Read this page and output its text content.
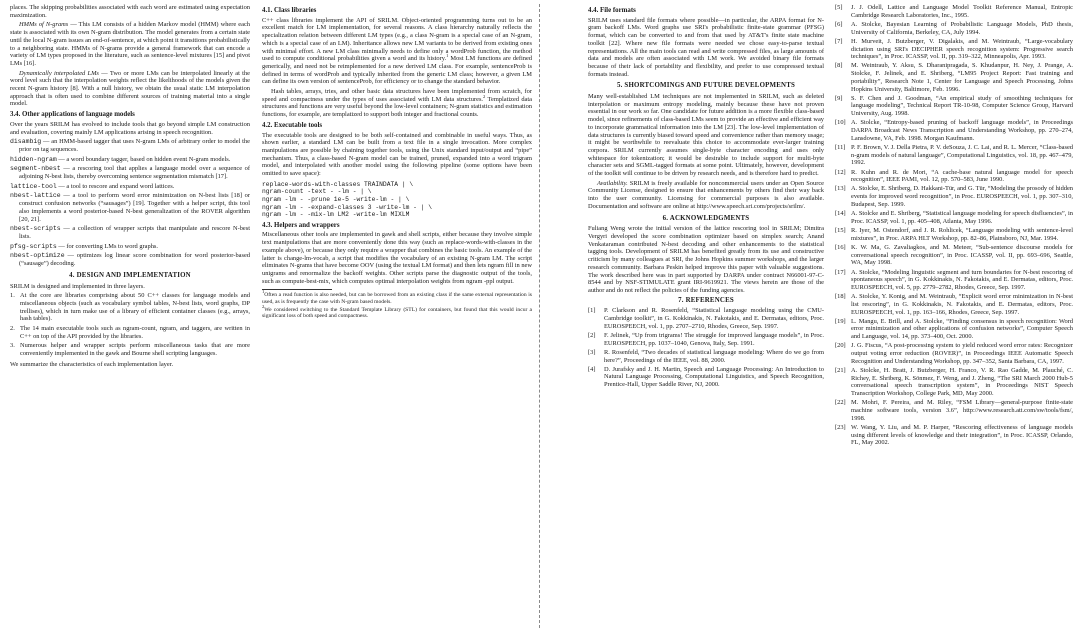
places. The skipping probabilities associated with each word are estimated using expectation maximization.

HMMs of N-grams — This LM consists of a hidden Markov model (HMM) where each state is associated with its own N-gram distribution. The model generates from a certain state until the local N-gram issues an end-of-sentence, at which point it transitions probabilistically to a neighboring state. HMMs of N-grams provide a general framework that can encode a variety of LM types proposed in the literature, such as sentence-level mixtures [15] and pivot LMs [16].

Dynamically interpolated LMs — Two or more LMs can be interpolated linearly at the word level such that the interpolation weights reflect the likelihoods of the models given the recent N-gram history [8]. With a null history, we obtain the usual static LM interpolation approach that is often used to combine different sources of training material into a single model.

3.4. Other applications of language models

Over the years SRILM has evolved to include tools that go beyond simple LM construction and evaluation, covering mainly LM applications arising in speech recognition.

disambig — an HMM-based tagger that uses N-gram LMs of arbitrary order to model the prior on tag sequences.
hidden-ngram — a word boundary tagger, based on hidden event N-gram models.
segment-nbest — a rescoring tool that applies a language model over a sequence of adjoining N-best lists, thereby overcoming sentence segmentation mismatch [17].
lattice-tool — a tool to rescore and expand word lattices.
nbest-lattice — a tool to perform word error minimization on N-best lists [18] or construct confusion networks (“sausages”) [19]. Together with a helper script, this tool also implements a word posterior-based N-best generalization of the ROVER algorithm [20, 21].
nbest-scripts — a collection of wrapper scripts that manipulate and rescore N-best lists.
pfsg-scripts — for converting LMs to word graphs.
nbest-optimize — optimizes log linear score combination for word posterior-based (“sausage”) decoding.
4. DESIGN AND IMPLEMENTATION

SRILM is designed and implemented in three layers.

1. At the core are libraries comprising about 50 C++ classes for language models and miscellaneous objects (such as vocabulary symbol tables, N-best lists, word graphs, DP trellises), which in turn make use of a library of efficient container classes (e.g., arrays, hash tables).
2. The 14 main executable tools such as ngram-count, ngram, and taggers, are written in C++ on top of the API provided by the libraries.
3. Numerous helper and wrapper scripts perform miscellaneous tasks that are more conveniently implemented in the gawk and Bourne shell scripting languages.

We summarize the characteristics of each implementation layer.

4.1. Class libraries

C++ class libraries implement the API of SRILM. Object-oriented programming turns out to be an excellent match for LM implementation, for several reasons. A class hierarchy naturally reflects the specialization relation between different LM types (e.g., a class N-gram is a special case of an N-gram, which is a special case of an LM). Inheritance allows new LM variants to be derived from existing ones with minimal effort. A new LM class minimally needs to define only a wordProb function, the method used to compute conditional probabilities given a word and its history.$^1$ Most LM functions are defined generically, and need not be reimplemented for a new derived LM class. For example, sentenceProb is defined in terms of wordProb and typically inherited from the generic LM class; however, a given LM can define its own version of sentenceProb, for efficiency or to change the standard behavior.

Hash tables, arrays, tries, and other basic data structures have been implemented from scratch, for speed and compactness under the types of uses associated with LM data structures.$^2$ Templatized data structures and functions are very useful beyond the low-level containers; N-gram statistics and estimation functions, for example, are templatized to support both integer and fractional counts.

4.2. Executable tools

The executable tools are designed to be both self-contained and combinable in useful ways. Thus, as shown earlier, a standard LM can be built from a text file in a single invocation. More complex manipulations are possible by chaining together tools, using the Unix standard input/output and “pipe” mechanism. Thus, a class-based N-gram model can be trained, pruned, expanded into a word trigram model, and interpolated with another model using the following pipeline (some options have been omitted to save space):

replace-words-with-classes TRAINDATA | \
ngram-count -text - -lm - | \
ngram -lm - -prune 1e-5 -write-lm - | \
ngram -lm - -expand-classes 3 -write-lm - | \
ngram -lm - -mix-lm LM2 -write-lm MIXLM
4.3. Helpers and wrappers

Miscellaneous other tools are implemented in gawk and shell scripts, either because they involve simple text manipulations that are more conveniently done this way (such as replace-words-with-classes in the example above), or because they only require a wrapper that combines the basic tools. An example of the latter is change-lm-vocab, a script that modifies the vocabulary of an existing N-gram LM. The script eliminates N-grams that have become OOV (using the textual LM format) and then lets ngram fill in new unigrams and renormalize the backoff weights. Other scripts parse the diagnostic output of the tools, such as compute-best-mix, which computes optimal interpolation weights from ngram -ppl output.

$^1$Often a read function is also needed, but can be borrowed from an existing class if the same external representation is used, as is frequently the case with N-gram based models.

$^2$We considered switching to the Standard Template Library (STL) for containers, but found that this would incur a significant loss of both speed and compactness.

4.4. File formats

SRILM uses standard file formats where possible—in particular, the ARPA format for N-gram backoff LMs. Word graphs use SRI's probabilistic finite-state grammar (PFSG) format, which can be converted to and from that used by AT&T's finite state machine toolkit [22]. Where new file formats were needed we chose easy-to-parse textual representations. All the main tools can read and write compressed files, as large amounts of data and models are often associated with LM work. We avoided binary file formats because of their lack of portability and flexibility, and prefer to use compressed textual formats instead.

5. SHORTCOMINGS AND FUTURE DEVELOPMENTS

Many well-established LM techniques are not implemented in SRILM, such as deleted interpolation or maximum entropy modeling, mainly because these have not proven essential in our work so far. One candidate for future addition is a more flexible class-based model, since refinements of class-based LMs seem to provide an effective and efficient way to incorporate grammatical information into the LM [23]. The low-level implementation of data structures is currently biased toward speed and convenience rather than memory usage; it might be worthwhile to reevaluate this choice to accommodate ever-larger training corpora. SRILM currently assumes single-byte character encoding and uses only whitespace for tokenization; it would be desirable to include support for multi-byte character sets and SGML-tagged formats at some point. Ultimately, however, development of the toolkit will continue to be driven by research needs, and is therefore hard to predict.

Availability. SRILM is freely available for noncommercial users under an Open Source Community License, designed to ensure that enhancements by others find their way back into the user community. Licensing for commercial purposes is also available. Documentation and software are online at http://www.speech.sri.com/projects/srilm/.

6. ACKNOWLEDGMENTS

Fuliang Weng wrote the initial version of the lattice rescoring tool in SRILM; Dimitra Vergyri developed the score combination optimizer based on simplex search; Anand Venkataraman contributed N-best decoding and other enhancements to the statistical tagging tools. Development of SRILM has benefited greatly from its use and constructive criticism by many colleagues at SRI, the Johns Hopkins summer workshops, and the larger research community. Barbara Peskin helped improve this paper with valuable suggestions. The work described here was in part supported by DARPA under contract N66001-97-C-8544 and by NSF-STIMULATE grant IRI-9619921. The views herein are those of the author and do not reflect the policies of the funding agencies.

7. REFERENCES
[1] P. Clarkson and R. Rosenfeld, “Statistical language modeling using the CMU-Cambridge toolkit”, in G. Kokkinakis, N. Fakotakis, and E. Dermatas, editors, Proc. EUROSPEECH, vol. 1, pp. 2707–2710, Rhodes, Greece, Sep. 1997.
[2] F. Jelinek, “Up from trigrams! The struggle for improved language models”, in Proc. EUROSPEECH, pp. 1037–1040, Genova, Italy, Sep. 1991.
[3] R. Rosenfeld, “Two decades of statistical language modeling: Where do we go from here?”, Proceedings of the IEEE, vol. 88, 2000.
[4] D. Jurafsky and J. H. Martin, Speech and Language Processing: An Introduction to Natural Language Processing, Computational Linguistics, and Speech Recognition, Prentice-Hall, Upper Saddle River, NJ, 2000.
[5] J. J. Odell, Lattice and Language Model Toolkit Reference Manual, Entropic Cambridge Research Laboratories, Inc., 1995.
[6] A. Stolcke, Bayesian Learning of Probabilistic Language Models, PhD thesis, University of California, Berkeley, CA, July 1994.
[7] H. Murveit, J. Butzberger, V. Digalakis, and M. Weintraub, “Large-vocabulary dictation using SRI's DECIPHER speech recognition system: Progressive search techniques”, in Proc. ICASSP, vol. II, pp. 319–322, Minneapolis, Apr. 1993.
[8] M. Weintraub, Y. Aksu, S. Dharanipragada, S. Khudanpur, H. Ney, J. Prange, A. Stolcke, F. Jelinek, and E. Shriberg, “LM95 Project Report: Fast training and portability”, Research Note 1, Center for Language and Speech Processing, Johns Hopkins University, Baltimore, Feb. 1996.
[9] S. F. Chen and J. Goodman, “An empirical study of smoothing techniques for language modeling”, Technical Report TR-10-98, Computer Science Group, Harvard University, Aug. 1998.
[10] A. Stolcke, “Entropy-based pruning of backoff language models”, in Proceedings DARPA Broadcast News Transcription and Understanding Workshop, pp. 270–274, Lansdowne, VA, Feb. 1998. Morgan Kaufmann.
[11] P. F. Brown, V. J. Della Pietra, P. V. deSouza, J. C. Lai, and R. L. Mercer, “Class-based n-gram models of natural language”, Computational Linguistics, vol. 18, pp. 467–479, 1992.
[12] R. Kuhn and R. de Mori, “A cache-base natural language model for speech recognition”, IEEE PAMI, vol. 12, pp. 570–583, June 1990.
[13] A. Stolcke, E. Shriberg, D. Hakkani-Tür, and G. Tür, “Modeling the prosody of hidden events for improved word recognition”, in Proc. EUROSPEECH, vol. 1, pp. 307–310, Budapest, Sep. 1999.
[14] A. Stolcke and E. Shriberg, “Statistical language modeling for speech disfluencies”, in Proc. ICASSP, vol. 1, pp. 405–408, Atlanta, May 1996.
[15] R. Iyer, M. Ostendorf, and J. R. Rohlicek, “Language modeling with sentence-level mixtures”, in Proc. ARPA HLT Workshop, pp. 82–86, Plainsboro, NJ, Mar. 1994.
[16] K. W. Ma, G. Zavaliagkos, and M. Meteer, “Sub-sentence discourse models for conversational speech recognition”, in Proc. ICASSP, vol. II, pp. 693–696, Seattle, WA, May 1998.
[17] A. Stolcke, “Modeling linguistic segment and turn boundaries for N-best rescoring of spontaneous speech”, in G. Kokkinakis, N. Fakotakis, and E. Dermatas, editors, Proc. EUROSPEECH, vol. 5, pp. 2779–2782, Rhodes, Greece, Sep. 1997.
[18] A. Stolcke, Y. Konig, and M. Weintraub, “Explicit word error minimization in N-best list rescoring”, in G. Kokkinakis, N. Fakotakis, and E. Dermatas, editors, Proc. EUROSPEECH, vol. 1, pp. 163–166, Rhodes, Greece, Sep. 1997.
[19] L. Mangu, E. Brill, and A. Stolcke, “Finding consensus in speech recognition: Word error minimization and other applications of confusion networks”, Computer Speech and Language, vol. 14, pp. 373–400, Oct. 2000.
[20] J. G. Fiscus, “A post-processing system to yield reduced word error rates: Recognizer output voting error reduction (ROVER)”, in Proceedings IEEE Automatic Speech Recognition and Understanding Workshop, pp. 347–352, Santa Barbara, CA, 1997.
[21] A. Stolcke, H. Bratt, J. Butzberger, H. Franco, V. R. Rao Gadde, M. Plauché, C. Richey, E. Shriberg, K. Sönmez, F. Weng, and J. Zheng, “The SRI March 2000 Hub-5 conversational speech transcription system”, in Proceedings NIST Speech Transcription Workshop, College Park, MD, May 2000.
[22] M. Mohri, F. Pereira, and M. Riley, “FSM Library—general-purpose finite-state machine software tools, version 3.6”, http://www.research.att.com/sw/tools/fsm/, 1998.
[23] W. Wang, Y. Liu, and M. P. Harper, “Rescoring effectiveness of language models using different levels of knowledge and their integration”, in Proc. ICASSP, Orlando, FL, May 2002.
